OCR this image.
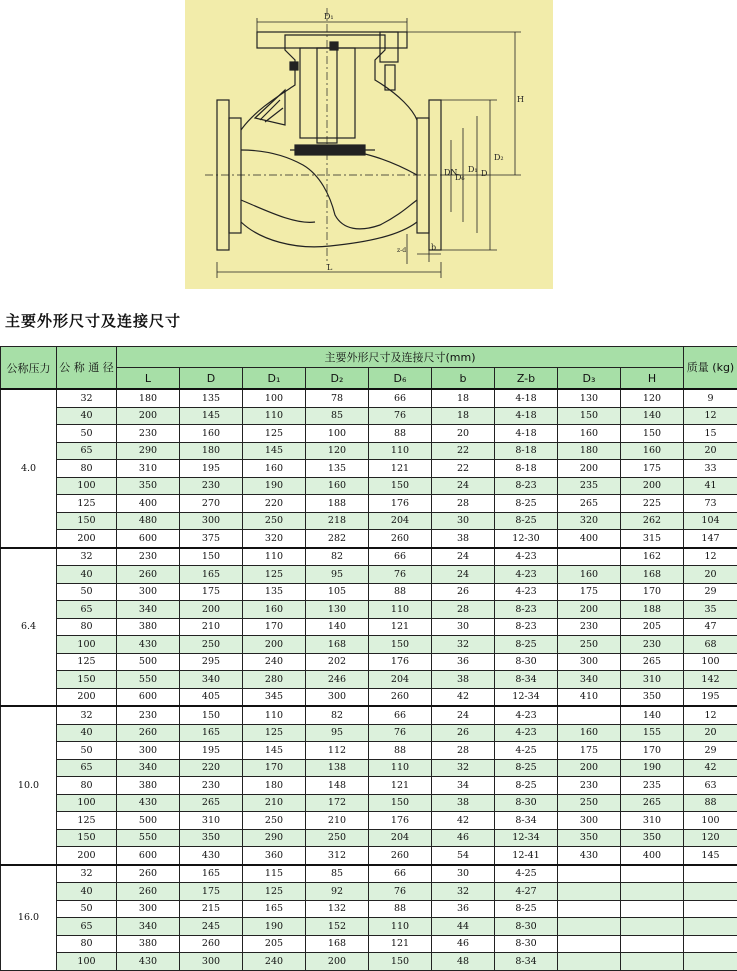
D₁
H
DN
D₆
D₁ D
D₂
z-d	b
L
主要外形尺寸及连接尺寸
公称压力	公 称 通 径	主要外形尺寸及连接尺寸(mm)									质量 (kg)
		L	D	D₁	D₂	D₆	b	Z-b	D₃	H	
4.0	32	180	135	100	78	66	18	4-18	130	120	9
	40	200	145	110	85	76	18	4-18	150	140	12
	50	230	160	125	100	88	20	4-18	160	150	15
	65	290	180	145	120	110	22	8-18	180	160	20
	80	310	195	160	135	121	22	8-18	200	175	33
	100	350	230	190	160	150	24	8-23	235	200	41
	125	400	270	220	188	176	28	8-25	265	225	73
	150	480	300	250	218	204	30	8-25	320	262	104
	200	600	375	320	282	260	38	12-30	400	315	147
6.4	32	230	150	110	82	66	24	4-23		162	12
	40	260	165	125	95	76	24	4-23	160	168	20
	50	300	175	135	105	88	26	4-23	175	170	29
	65	340	200	160	130	110	28	8-23	200	188	35
	80	380	210	170	140	121	30	8-23	230	205	47
	100	430	250	200	168	150	32	8-25	250	230	68
	125	500	295	240	202	176	36	8-30	300	265	100
	150	550	340	280	246	204	38	8-34	340	310	142
	200	600	405	345	300	260	42	12-34	410	350	195
10.0	32	230	150	110	82	66	24	4-23		140	12
	40	260	165	125	95	76	26	4-23	160	155	20
	50	300	195	145	112	88	28	4-25	175	170	29
	65	340	220	170	138	110	32	8-25	200	190	42
	80	380	230	180	148	121	34	8-25	230	235	63
	100	430	265	210	172	150	38	8-30	250	265	88
	125	500	310	250	210	176	42	8-34	300	310	100
	150	550	350	290	250	204	46	12-34	350	350	120
	200	600	430	360	312	260	54	12-41	430	400	145
16.0	32	260	165	115	85	66	30	4-25			
	40	260	175	125	92	76	32	4-27			
	50	300	215	165	132	88	36	8-25			
	65	340	245	190	152	110	44	8-30			
	80	380	260	205	168	121	46	8-30			
	100	430	300	240	200	150	48	8-34			
